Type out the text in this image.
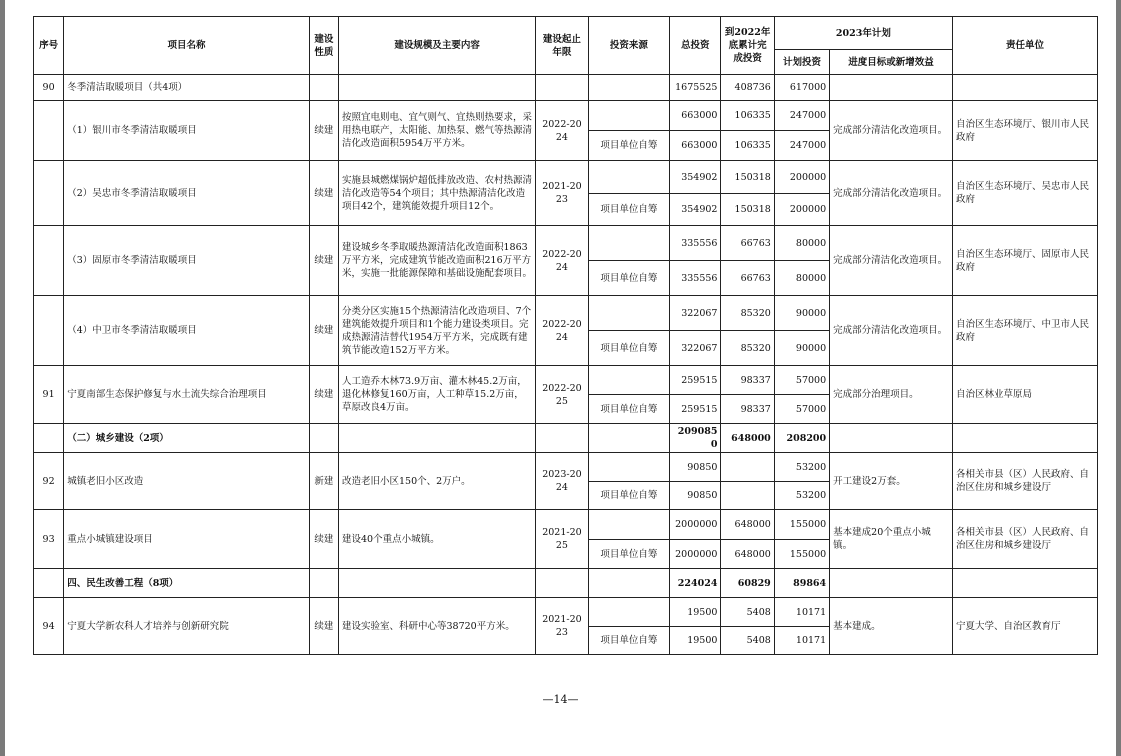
序号	项目名称	建设性质	建设规模及主要内容	建设起止年限	投资来源	总投资	到2022年底累计完成投资	2023年计划		责任单位
								计划投资	进度目标或新增效益	
90	冬季清洁取暖项目（共4项）					1675525	408736	617000		
	（1）银川市冬季清洁取暖项目	续建	按照宜电则电、宜气则气、宜热则热要求，采用热电联产，太阳能、加热泵、燃气等热源清洁化改造面积5954万平方米。	2022-2024		663000	106335	247000	完成部分清洁化改造项目。	自治区生态环境厅、银川市人民政府
					项目单位自筹	663000	106335	247000		
	（2）吴忠市冬季清洁取暖项目	续建	实施县城燃煤锅炉超低排放改造、农村热源清洁化改造等54个项目；其中热源清洁化改造项目42个，建筑能效提升项目12个。	2021-2023		354902	150318	200000	完成部分清洁化改造项目。	自治区生态环境厅、吴忠市人民政府
					项目单位自筹	354902	150318	200000		
	（3）固原市冬季清洁取暖项目	续建	建设城乡冬季取暖热源清洁化改造面积1863万平方米，完成建筑节能改造面积216万平方米，实施一批能源保障和基础设施配套项目。	2022-2024		335556	66763	80000	完成部分清洁化改造项目。	自治区生态环境厅、固原市人民政府
					项目单位自筹	335556	66763	80000		
	（4）中卫市冬季清洁取暖项目	续建	分类分区实施15个热源清洁化改造项目、7个建筑能效提升项目和1个能力建设类项目。完成热源清洁替代1954万平方米，完成既有建筑节能改造152万平方米。	2022-2024		322067	85320	90000	完成部分清洁化改造项目。	自治区生态环境厅、中卫市人民政府
					项目单位自筹	322067	85320	90000		
91	宁夏南部生态保护修复与水土流失综合治理项目	续建	人工造乔木林73.9万亩、灌木林45.2万亩，退化林修复160万亩，人工种草15.2万亩，草原改良4万亩。	2022-2025		259515	98337	57000	完成部分治理项目。	自治区林业草原局
					项目单位自筹	259515	98337	57000		
	（二）城乡建设（2项）					2090850	648000	208200		
92	城镇老旧小区改造	新建	改造老旧小区150个、2万户。	2023-2024		90850		53200	开工建设2万套。	各相关市县（区）人民政府、自治区住房和城乡建设厅
					项目单位自筹	90850		53200		
93	重点小城镇建设项目	续建	建设40个重点小城镇。	2021-2025		2000000	648000	155000	基本建成20个重点小城镇。	各相关市县（区）人民政府、自治区住房和城乡建设厅
					项目单位自筹	2000000	648000	155000		
	四、民生改善工程（8项）					224024	60829	89864		
94	宁夏大学新农科人才培养与创新研究院	续建	建设实验室、科研中心等38720平方米。	2021-2023		19500	5408	10171	基本建成。	宁夏大学、自治区教育厅
					项目单位自筹	19500	5408	10171		
—14—
